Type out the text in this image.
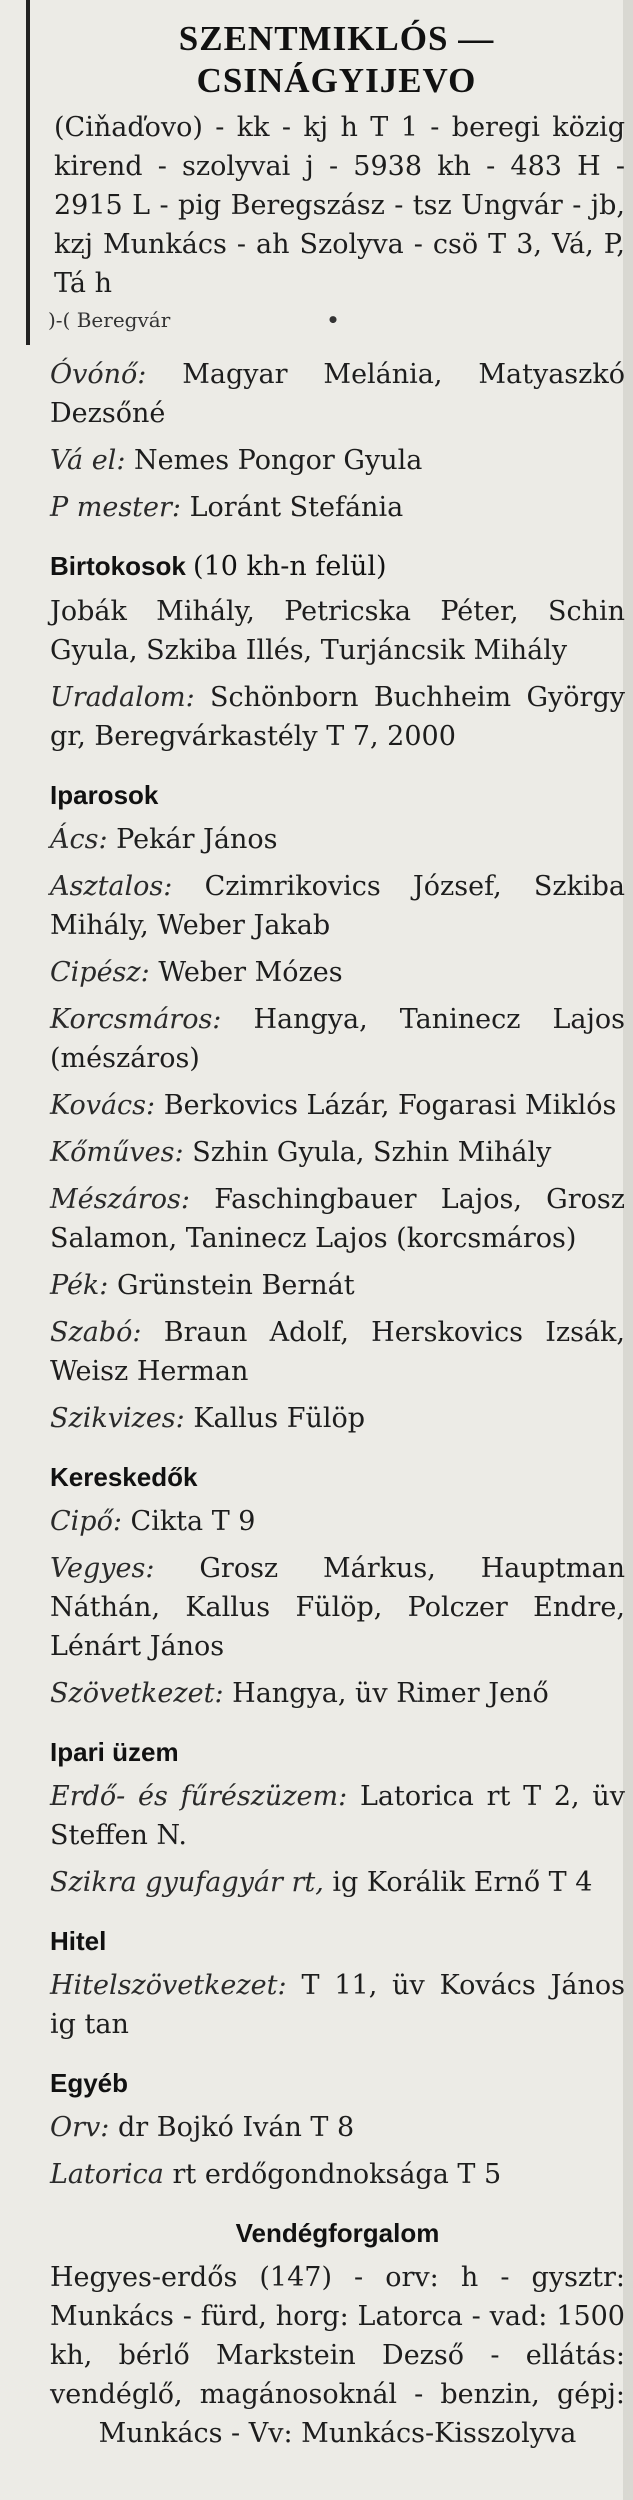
SZENTMIKLÓS —
CSINÁGYIJEVO

(Ciňaďovo) - kk - kj h T 1 - beregi közig kirend - szolyvai j - 5938 kh - 483 H - 2915 L - pig Beregszász - tsz Ungvár - jb, kzj Munkács - ah Szolyva - csö T 3, Vá, P, Tá h

)-( Beregvár	•

Óvónő: Magyar Melánia, Matyaszkó Dezsőné

Vá el: Nemes Pongor Gyula

P mester: Loránt Stefánia

Birtokosok (10 kh-n felül)

Jobák Mihály, Petricska Péter, Schin Gyula, Szkiba Illés, Turjáncsik Mihály

Uradalom: Schönborn Buchheim György gr, Beregvárkastély T 7, 2000

Iparosok

Ács: Pekár János

Asztalos: Czimrikovics József, Szkiba Mihály, Weber Jakab

Cipész: Weber Mózes

Korcsmáros: Hangya, Taninecz Lajos (mészáros)

Kovács: Berkovics Lázár, Fogarasi Miklós

Kőműves: Szhin Gyula, Szhin Mihály

Mészáros: Faschingbauer Lajos, Grosz Salamon, Taninecz Lajos (korcsmáros)

Pék: Grünstein Bernát

Szabó: Braun Adolf, Herskovics Izsák, Weisz Herman

Szikvizes: Kallus Fülöp

Kereskedők

Cipő: Cikta T 9

Vegyes: Grosz Márkus, Hauptman Náthán, Kallus Fülöp, Polczer Endre, Lénárt János

Szövetkezet: Hangya, üv Rimer Jenő

Ipari üzem

Erdő- és fűrészüzem: Latorica rt T 2, üv Steffen N.

Szikra gyufagyár rt, ig Korálik Ernő T 4

Hitel

Hitelszövetkezet: T 11, üv Kovács János ig tan

Egyéb

Orv: dr Bojkó Iván T 8

Latorica rt erdőgondnoksága T 5

Vendégforgalom

Hegyes-erdős (147) - orv: h - gysztr: Munkács - fürd, horg: Latorca - vad: 1500 kh, bérlő Markstein Dezső - ellátás: vendéglő, magánosoknál - benzin, gépj: Munkács - Vv: Munkács-Kisszolyva
